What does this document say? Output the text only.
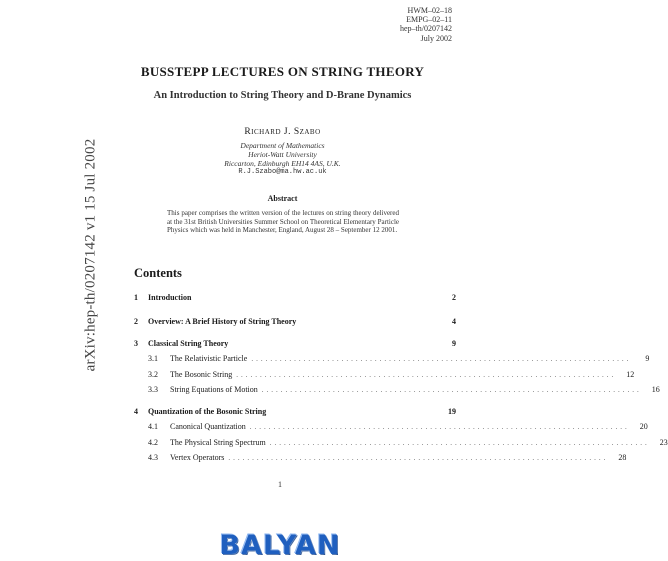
HWM–02–18
EMPG–02–11
hep–th/0207142
July 2002
arXiv:hep-th/0207142 v1 15 Jul 2002
BUSSTEPP LECTURES ON STRING THEORY
An Introduction to String Theory and D-Brane Dynamics
Richard J. Szabo
Department of Mathematics
Heriot-Watt University
Riccarton, Edinburgh EH14 4AS, U.K.
R.J.Szabo@ma.hw.ac.uk
Abstract
This paper comprises the written version of the lectures on string theory delivered at the 31st British Universities Summer School on Theoretical Elementary Particle Physics which was held in Manchester, England, August 28 – September 12 2001.
Contents
1	Introduction	2
2	Overview: A Brief History of String Theory	4
3	Classical String Theory	9
3.1	The Relativistic Particle ................................................................................	9
3.2	The Bosonic String ................................................................................	12
3.3	String Equations of Motion ................................................................................	16
4	Quantization of the Bosonic String	19
4.1	Canonical Quantization ................................................................................	20
4.2	The Physical String Spectrum ................................................................................	23
4.3	Vertex Operators ................................................................................	28
1
BALYAN
